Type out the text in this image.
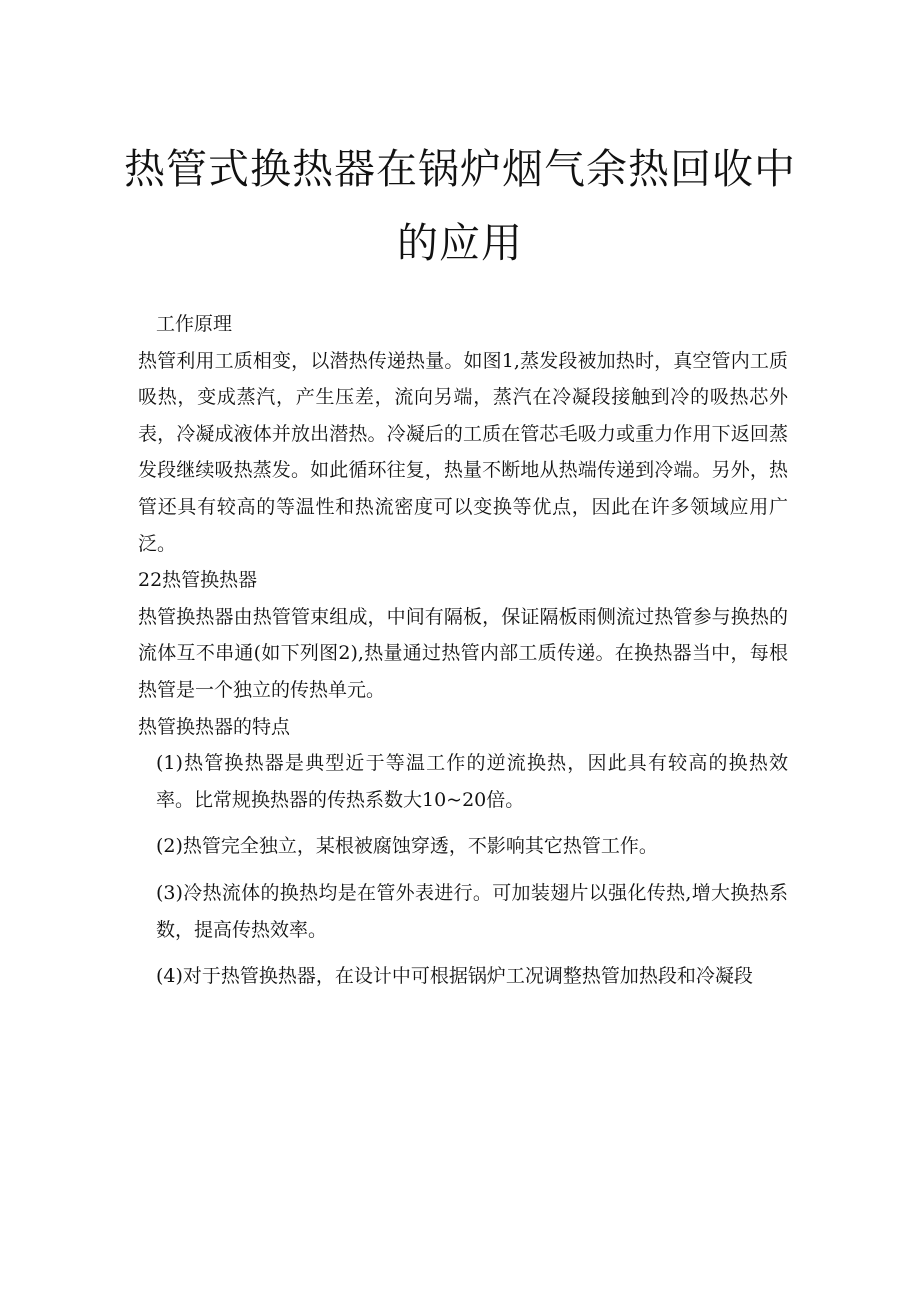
热管式换热器在锅炉烟气余热回收中的应用

工作原理

热管利用工质相变，以潜热传递热量。如图1,蒸发段被加热时，真空管内工质吸热，变成蒸汽，产生压差，流向另端，蒸汽在冷凝段接触到冷的吸热芯外表，冷凝成液体并放出潜热。冷凝后的工质在管芯毛吸力或重力作用下返回蒸发段继续吸热蒸发。如此循环往复，热量不断地从热端传递到冷端。另外，热管还具有较高的等温性和热流密度可以变换等优点，因此在许多领域应用广泛。

22热管换热器

热管换热器由热管管束组成，中间有隔板，保证隔板雨侧流过热管参与换热的流体互不串通(如下列图2),热量通过热管内部工质传递。在换热器当中，每根热管是一个独立的传热单元。

热管换热器的特点

(1)热管换热器是典型近于等温工作的逆流换热，因此具有较高的换热效率。比常规换热器的传热系数大10~20倍。

(2)热管完全独立，某根被腐蚀穿透，不影响其它热管工作。

(3)冷热流体的换热均是在管外表进行。可加装翅片以强化传热,增大换热系数，提高传热效率。

(4)对于热管换热器，在设计中可根据锅炉工况调整热管加热段和冷凝段
